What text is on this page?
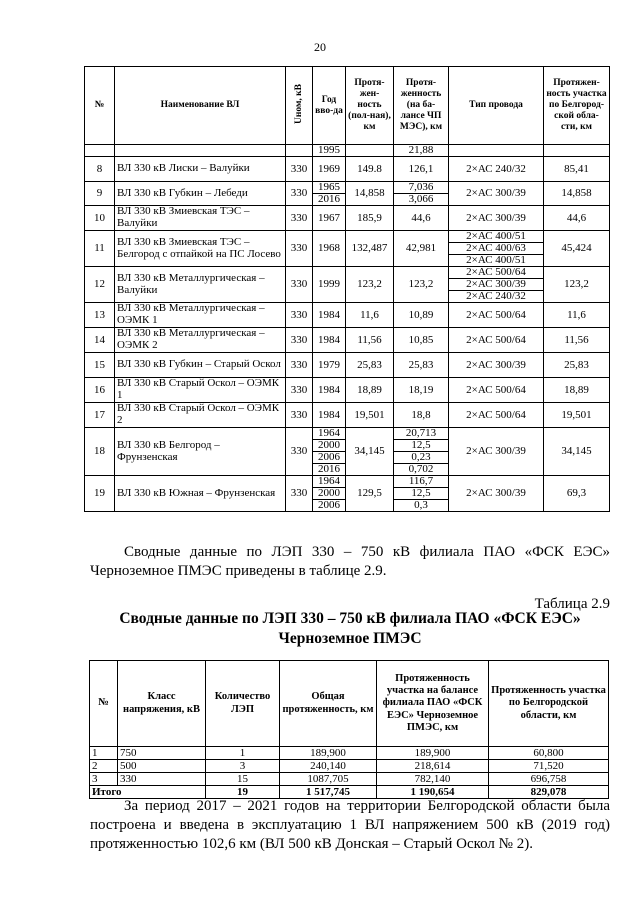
20
№	Наименование ВЛ	Uном, кВ	Год вво-да	Протя-жен-ность (пол-ная), км	Протя-женность (на ба-лансе ЧП МЭС), км	Тип провода	Протяжен-ность участка по Белгород-ской обла-сти, км
			1995		21,88		
8	ВЛ 330 кВ Лиски – Валуйки	330	1969	149.8	126,1	2×АС 240/32	85,41
9	ВЛ 330 кВ Губкин – Лебеди	330	1965	14,858	7,036	2×АС 300/39	14,858
			2016		3,066		
10	ВЛ 330 кВ Змиевская ТЭС – Валуйки	330	1967	185,9	44,6	2×АС 300/39	44,6
11	ВЛ 330 кВ Змиевская ТЭС – Белгород с отпайкой на ПС Лосево	330	1968	132,487	42,981	2×АС 400/51	45,424
						2×АС 400/63	
						2×АС 400/51	
12	ВЛ 330 кВ Металлургическая – Валуйки	330	1999	123,2	123,2	2×АС 500/64	123,2
						2×АС 300/39	
						2×АС 240/32	
13	ВЛ 330 кВ Металлургическая – ОЭМК 1	330	1984	11,6	10,89	2×АС 500/64	11,6
14	ВЛ 330 кВ Металлургическая – ОЭМК 2	330	1984	11,56	10,85	2×АС 500/64	11,56
15	ВЛ 330 кВ Губкин – Старый Оскол	330	1979	25,83	25,83	2×АС 300/39	25,83
16	ВЛ 330 кВ Старый Оскол – ОЭМК 1	330	1984	18,89	18,19	2×АС 500/64	18,89
17	ВЛ 330 кВ Старый Оскол – ОЭМК 2	330	1984	19,501	18,8	2×АС 500/64	19,501
18	ВЛ 330 кВ Белгород – Фрунзенская	330	1964	34,145	20,713	2×АС 300/39	34,145
			2000		12,5		
			2006		0,23		
			2016		0,702		
19	ВЛ 330 кВ Южная – Фрунзенская	330	1964	129,5	116,7	2×АС 300/39	69,3
			2000		12,5		
			2006		0,3		
Сводные данные по ЛЭП 330 – 750 кВ филиала ПАО «ФСК ЕЭС» Черноземное ПМЭС приведены в таблице 2.9.
Таблица 2.9
Сводные данные по ЛЭП 330 – 750 кВ филиала ПАО «ФСК ЕЭС» Черноземное ПМЭС
№	Класс напряжения, кВ	Количество ЛЭП	Общая протяженность, км	Протяженность участка на балансе филиала ПАО «ФСК ЕЭС» Черноземное ПМЭС, км	Протяженность участка по Белгородской области, км
1	750	1	189,900	189,900	60,800
2	500	3	240,140	218,614	71,520
3	330	15	1087,705	782,140	696,758
Итого		19	1 517,745	1 190,654	829,078
За период 2017 – 2021 годов на территории Белгородской области была построена и введена в эксплуатацию 1 ВЛ напряжением 500 кВ (2019 год) протяженностью 102,6 км (ВЛ 500 кВ Донская – Старый Оскол № 2).
